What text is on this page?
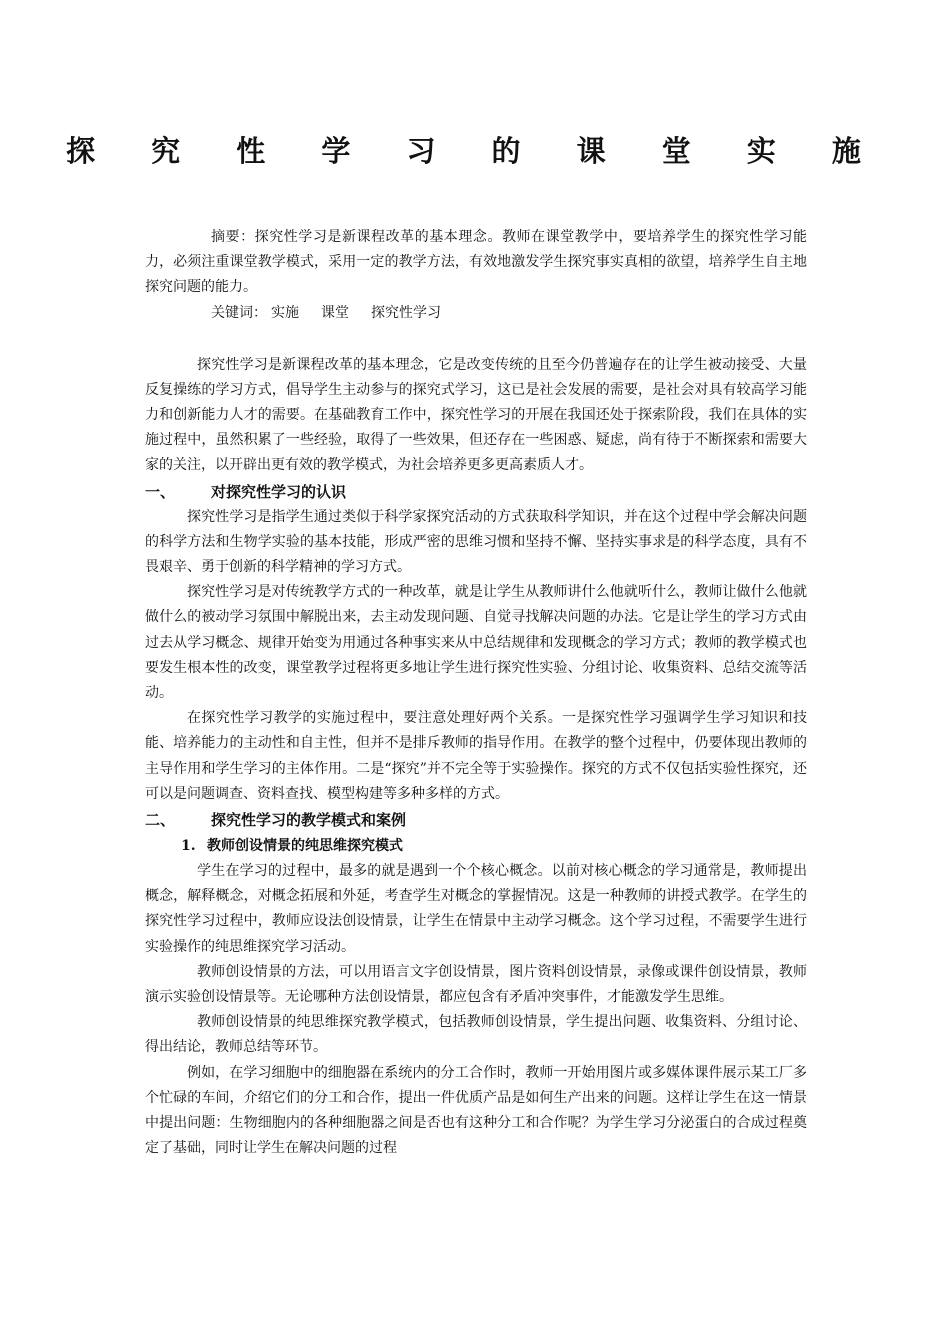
探 究 性 学 习 的 课 堂 实 施

摘要：探究性学习是新课程改革的基本理念。教师在课堂教学中，要培养学生的探究性学习能力，必须注重课堂教学模式，采用一定的教学方法，有效地激发学生探究事实真相的欲望，培养学生自主地探究问题的能力。

关键词： 实施 课堂 探究性学习

探究性学习是新课程改革的基本理念，它是改变传统的且至今仍普遍存在的让学生被动接受、大量反复操练的学习方式，倡导学生主动参与的探究式学习，这已是社会发展的需要，是社会对具有较高学习能力和创新能力人才的需要。在基础教育工作中，探究性学习的开展在我国还处于探索阶段，我们在具体的实施过程中，虽然积累了一些经验，取得了一些效果，但还存在一些困惑、疑虑，尚有待于不断探索和需要大家的关注，以开辟出更有效的教学模式，为社会培养更多更高素质人才。

一、 对探究性学习的认识

探究性学习是指学生通过类似于科学家探究活动的方式获取科学知识，并在这个过程中学会解决问题的科学方法和生物学实验的基本技能，形成严密的思维习惯和坚持不懈、坚持实事求是的科学态度，具有不畏艰辛、勇于创新的科学精神的学习方式。

探究性学习是对传统教学方式的一种改革，就是让学生从教师讲什么他就听什么，教师让做什么他就做什么的被动学习氛围中解脱出来，去主动发现问题、自觉寻找解决问题的办法。它是让学生的学习方式由过去从学习概念、规律开始变为用通过各种事实来从中总结规律和发现概念的学习方式；教师的教学模式也要发生根本性的改变，课堂教学过程将更多地让学生进行探究性实验、分组讨论、收集资料、总结交流等活动。

在探究性学习教学的实施过程中，要注意处理好两个关系。一是探究性学习强调学生学习知识和技能、培养能力的主动性和自主性，但并不是排斥教师的指导作用。在教学的整个过程中，仍要体现出教师的主导作用和学生学习的主体作用。二是“探究”并不完全等于实验操作。探究的方式不仅包括实验性探究，还可以是问题调查、资料查找、模型构建等多种多样的方式。

二、 探究性学习的教学模式和案例
1. 教师创设情景的纯思维探究模式

学生在学习的过程中，最多的就是遇到一个个核心概念。以前对核心概念的学习通常是，教师提出概念，解释概念，对概念拓展和外延，考查学生对概念的掌握情况。这是一种教师的讲授式教学。在学生的探究性学习过程中，教师应设法创设情景，让学生在情景中主动学习概念。这个学习过程，不需要学生进行实验操作的纯思维探究学习活动。

教师创设情景的方法，可以用语言文字创设情景，图片资料创设情景，录像或课件创设情景，教师演示实验创设情景等。无论哪种方法创设情景，都应包含有矛盾冲突事件，才能激发学生思维。

教师创设情景的纯思维探究教学模式，包括教师创设情景，学生提出问题、收集资料、分组讨论、得出结论，教师总结等环节。

例如，在学习细胞中的细胞器在系统内的分工合作时，教师一开始用图片或多媒体课件展示某工厂多个忙碌的车间，介绍它们的分工和合作，提出一件优质产品是如何生产出来的问题。这样让学生在这一情景中提出问题：生物细胞内的各种细胞器之间是否也有这种分工和合作呢？为学生学习分泌蛋白的合成过程奠定了基础，同时让学生在解决问题的过程
